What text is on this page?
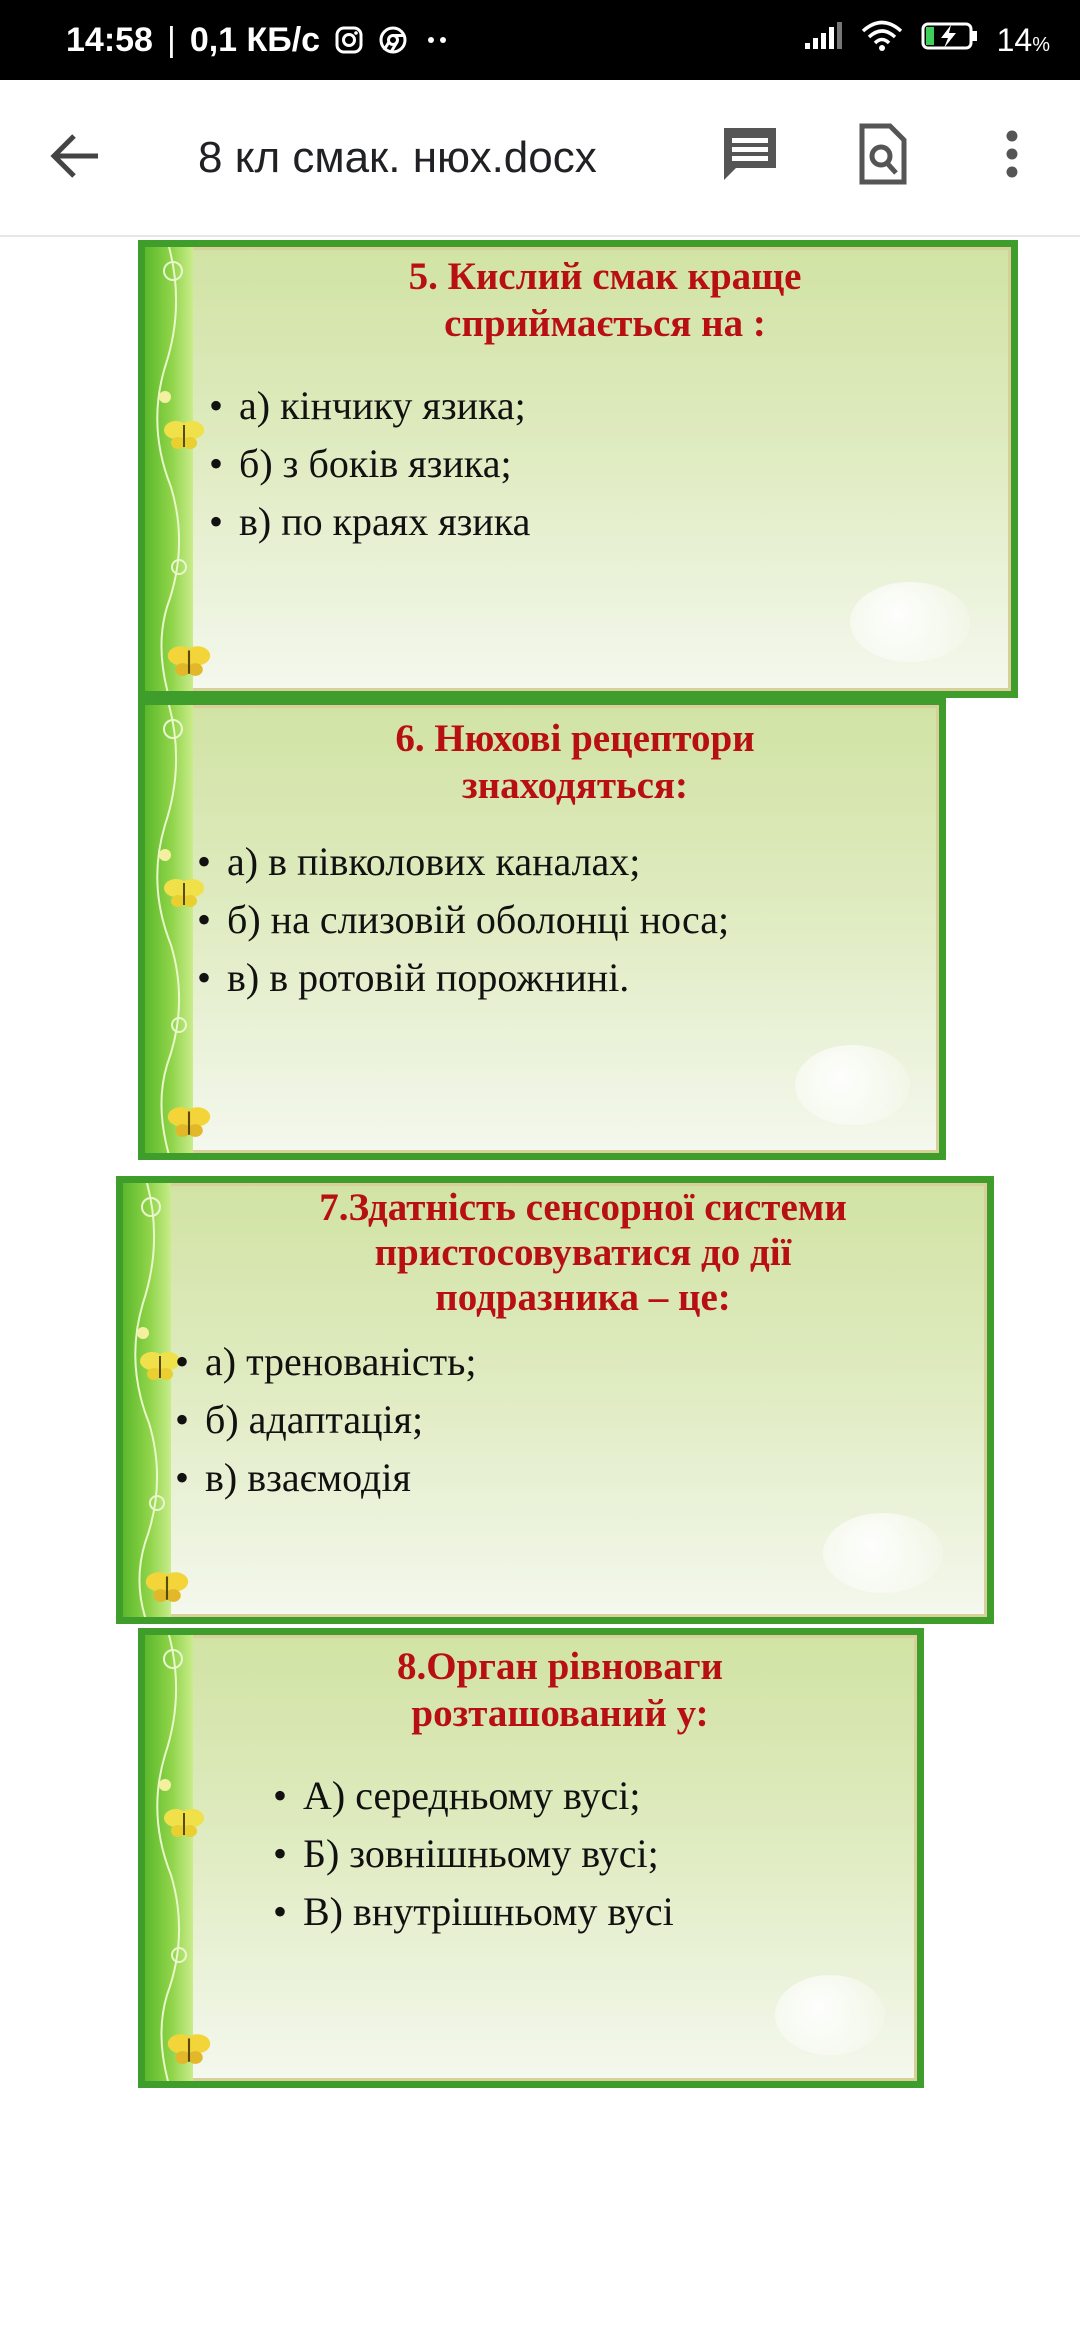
14:58 | 0,1 КБ/с	14%
8 кл смак. нюх.docx
5. Кислий смак краще
сприймається на :
• а) кінчику язика;
• б) з боків язика;
• в) по краях язика
6. Нюхові рецептори
знаходяться:
• а) в півколових каналах;
• б) на слизовій оболонці носа;
• в) в ротовій порожнині.
7.Здатність сенсорної системи
пристосовуватися до дії
подразника – це:
• а) тренованість;
• б) адаптація;
• в) взаємодія
8.Орган рівноваги
розташований у:
• А) середньому вусі;
• Б) зовнішньому вусі;
• В) внутрішньому вусі
